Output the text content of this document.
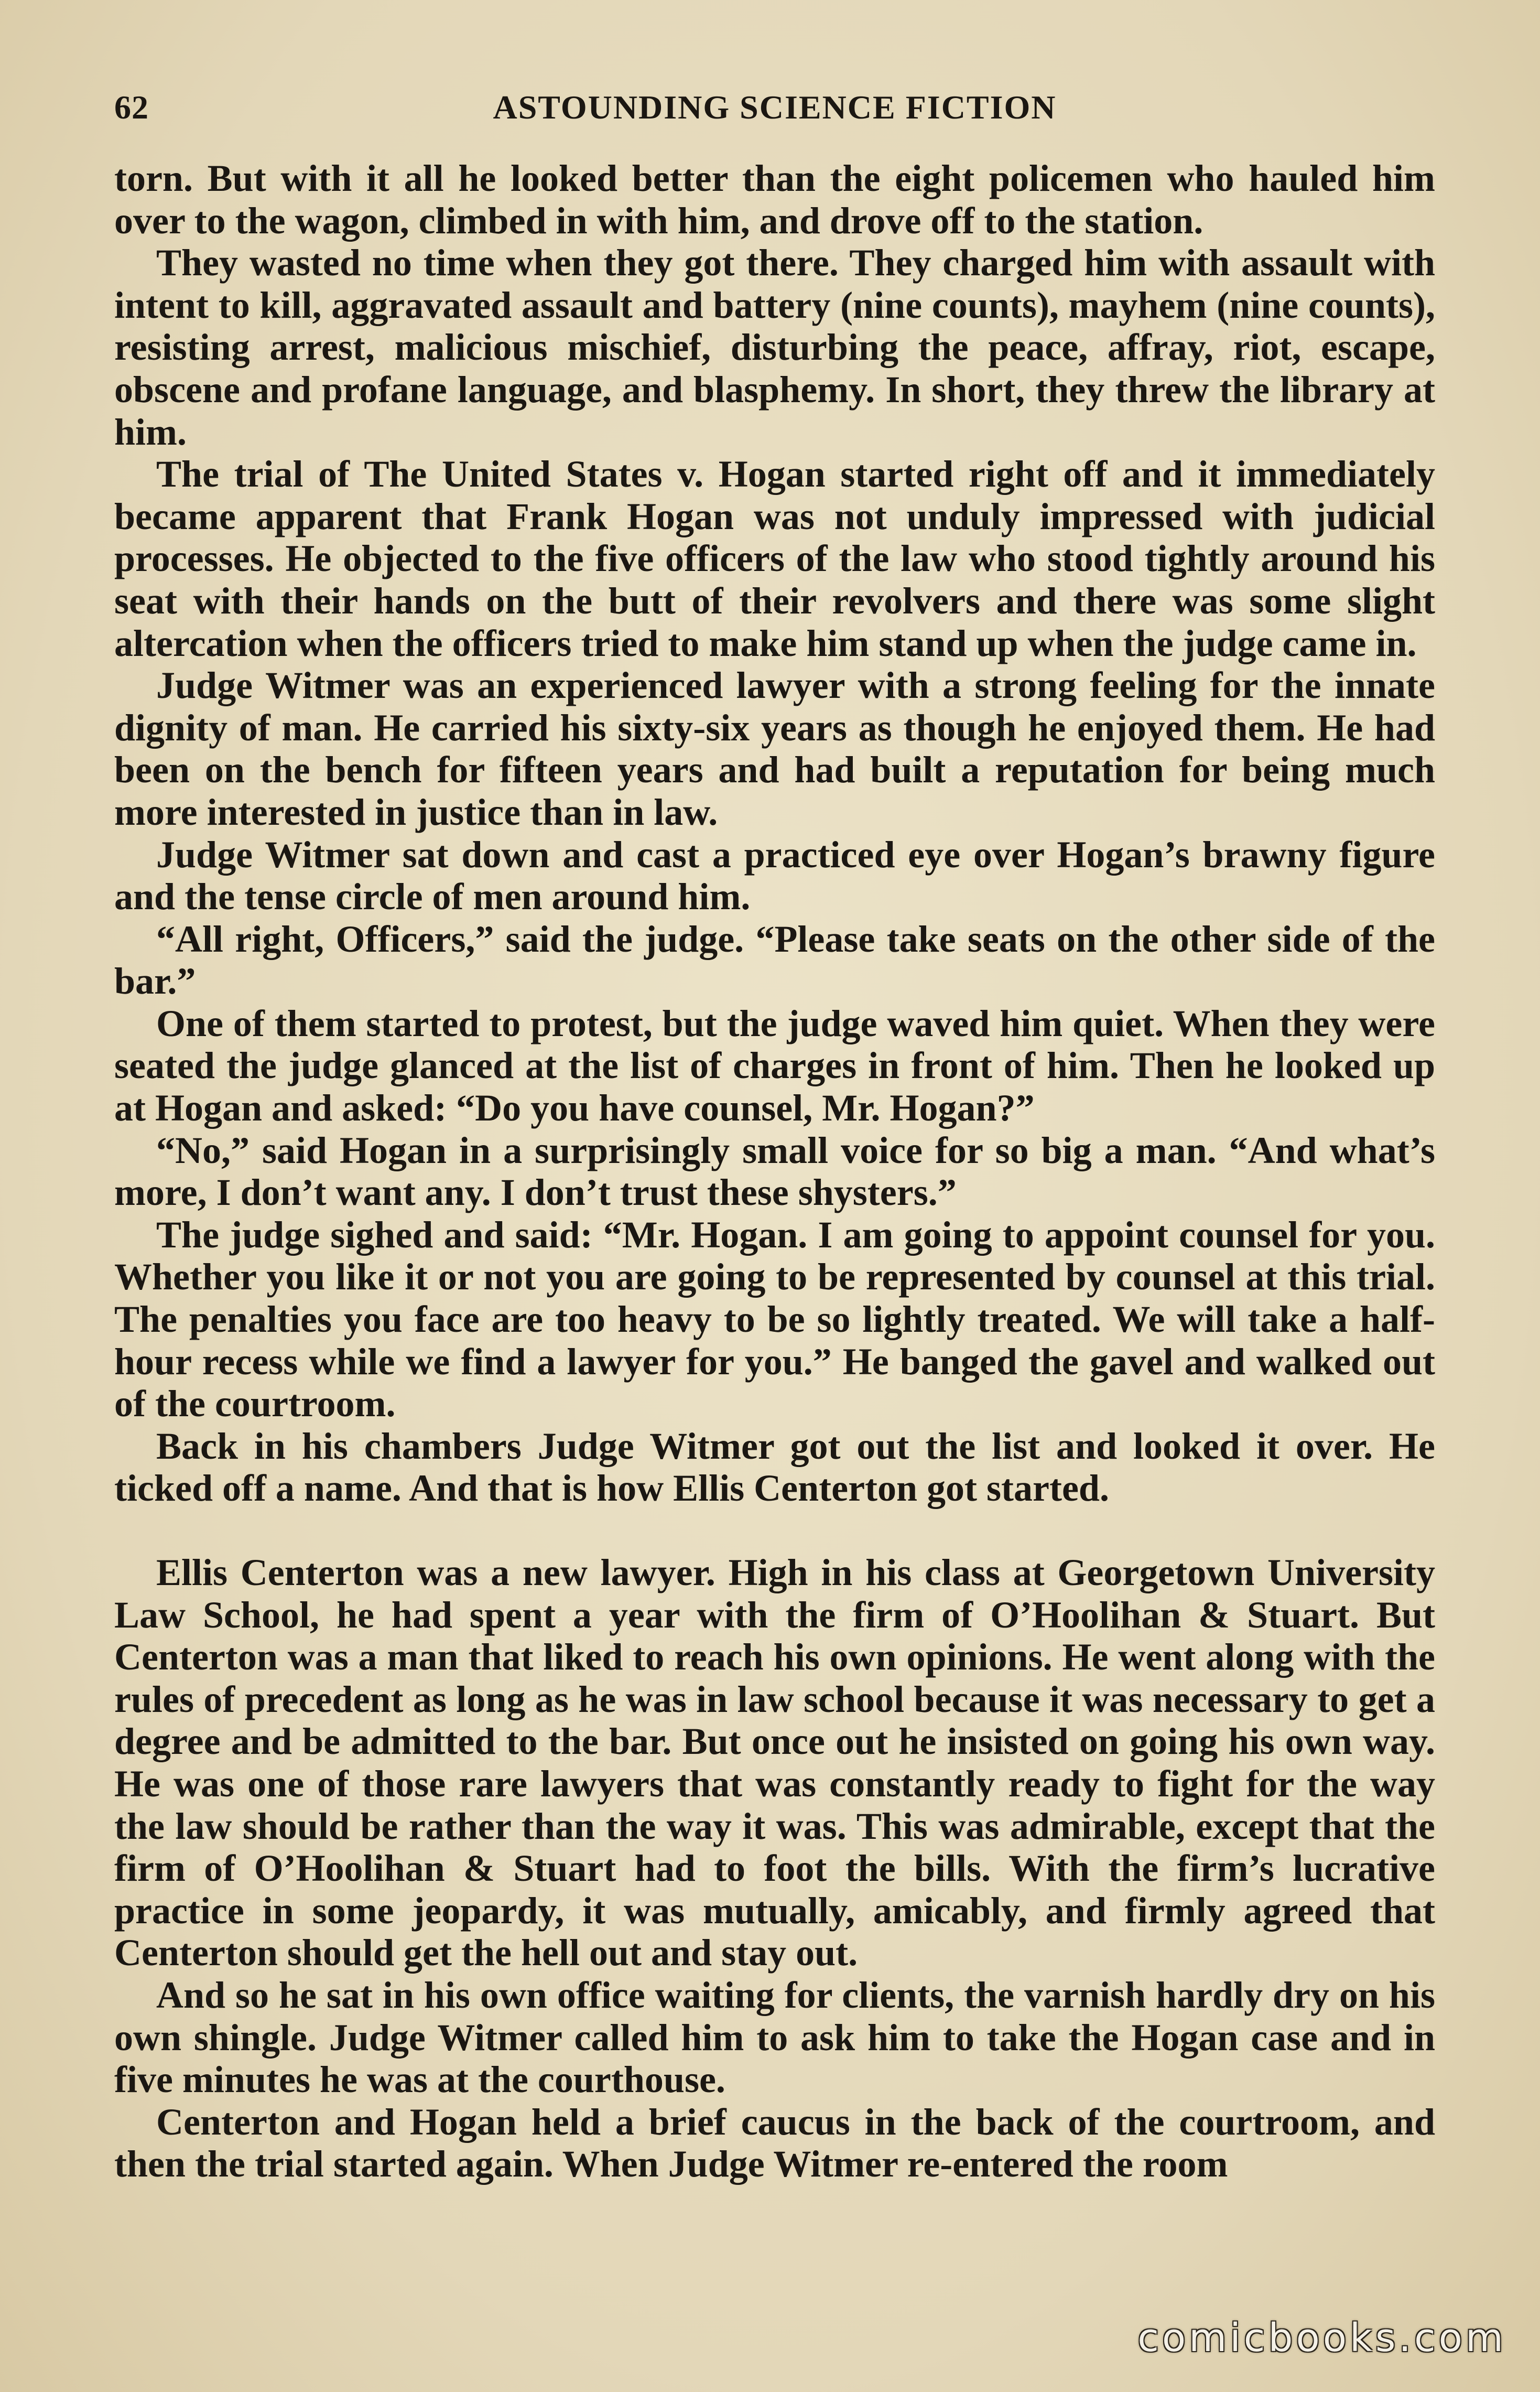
62	ASTOUNDING SCIENCE FICTION

torn. But with it all he looked better than the eight policemen who hauled him over to the wagon, climbed in with him, and drove off to the station.

They wasted no time when they got there. They charged him with assault with intent to kill, aggravated assault and battery (nine counts), mayhem (nine counts), resisting arrest, malicious mischief, disturbing the peace, affray, riot, escape, obscene and profane language, and blasphemy. In short, they threw the library at him.

The trial of The United States v. Hogan started right off and it immediately became apparent that Frank Hogan was not unduly impressed with judicial processes. He objected to the five officers of the law who stood tightly around his seat with their hands on the butt of their revolvers and there was some slight altercation when the officers tried to make him stand up when the judge came in.

Judge Witmer was an experienced lawyer with a strong feeling for the innate dignity of man. He carried his sixty-six years as though he enjoyed them. He had been on the bench for fifteen years and had built a reputation for being much more interested in justice than in law.

Judge Witmer sat down and cast a practiced eye over Hogan’s brawny figure and the tense circle of men around him.

“All right, Officers,” said the judge. “Please take seats on the other side of the bar.”

One of them started to protest, but the judge waved him quiet. When they were seated the judge glanced at the list of charges in front of him. Then he looked up at Hogan and asked: “Do you have counsel, Mr. Hogan?”

“No,” said Hogan in a surprisingly small voice for so big a man. “And what’s more, I don’t want any. I don’t trust these shysters.”

The judge sighed and said: “Mr. Hogan. I am going to appoint counsel for you. Whether you like it or not you are going to be represented by counsel at this trial. The penalties you face are too heavy to be so lightly treated. We will take a half-hour recess while we find a lawyer for you.” He banged the gavel and walked out of the courtroom.

Back in his chambers Judge Witmer got out the list and looked it over. He ticked off a name. And that is how Ellis Centerton got started.

Ellis Centerton was a new lawyer. High in his class at Georgetown University Law School, he had spent a year with the firm of O’Hoolihan & Stuart. But Centerton was a man that liked to reach his own opinions. He went along with the rules of precedent as long as he was in law school because it was necessary to get a degree and be admitted to the bar. But once out he insisted on going his own way. He was one of those rare lawyers that was constantly ready to fight for the way the law should be rather than the way it was. This was admirable, except that the firm of O’Hoolihan & Stuart had to foot the bills. With the firm’s lucrative practice in some jeopardy, it was mutually, amicably, and firmly agreed that Centerton should get the hell out and stay out.

And so he sat in his own office waiting for clients, the varnish hardly dry on his own shingle. Judge Witmer called him to ask him to take the Hogan case and in five minutes he was at the courthouse.

Centerton and Hogan held a brief caucus in the back of the courtroom, and then the trial started again. When Judge Witmer re-entered the room

comicbooks.com
